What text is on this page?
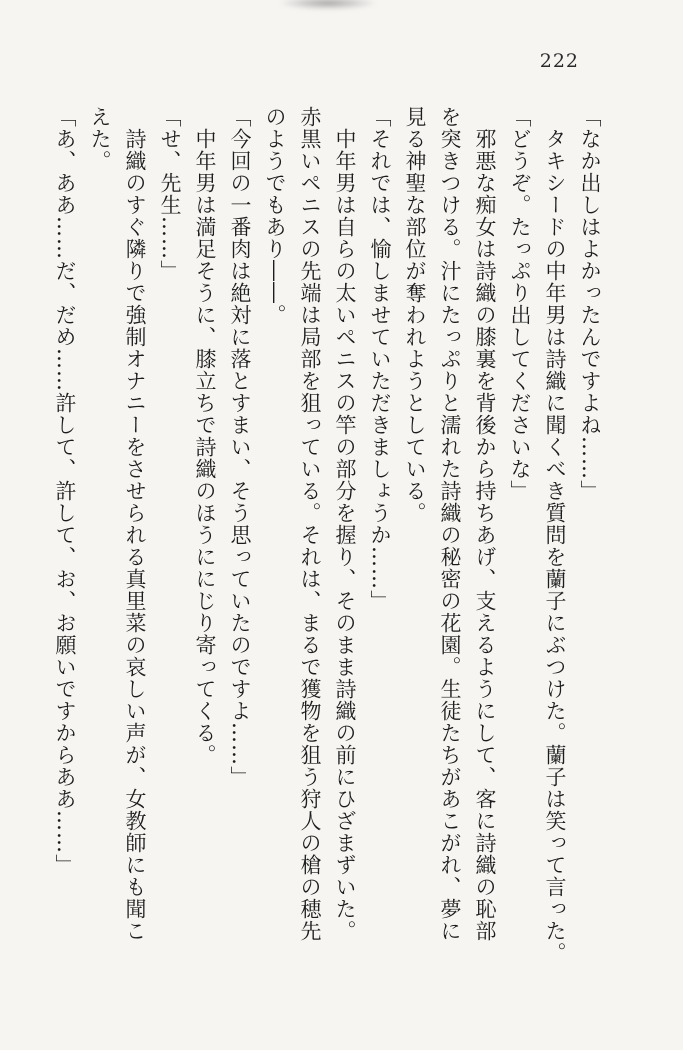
222
「なか出しはよかったんですよね……」
タキシードの中年男は詩織に聞くべき質問を蘭子にぶつけた。蘭子は笑って言った。
「どうぞ。たっぷり出してくださいな」
邪悪な痴女は詩織の膝裏を背後から持ちあげ、支えるようにして、客に詩織の恥部
を突きつける。汁にたっぷりと濡れた詩織の秘密の花園。生徒たちがあこがれ、夢に
見る神聖な部位が奪われようとしている。
「それでは、愉しませていただきましょうか……」
中年男は自らの太いペニスの竿の部分を握り、そのまま詩織の前にひざまずいた。
赤黒いペニスの先端は局部を狙っている。それは、まるで獲物を狙う狩人の槍の穂先
のようでもあり――。
「今回の一番肉は絶対に落とすまい、そう思っていたのですよ……」
中年男は満足そうに、膝立ちで詩織のほうににじり寄ってくる。
「せ、先生……」
詩織のすぐ隣りで強制オナニーをさせられる真里菜の哀しい声が、女教師にも聞こ
えた。
「あ、ああ……だ、だめ……許して、許して、お、お願いですからああ……」
